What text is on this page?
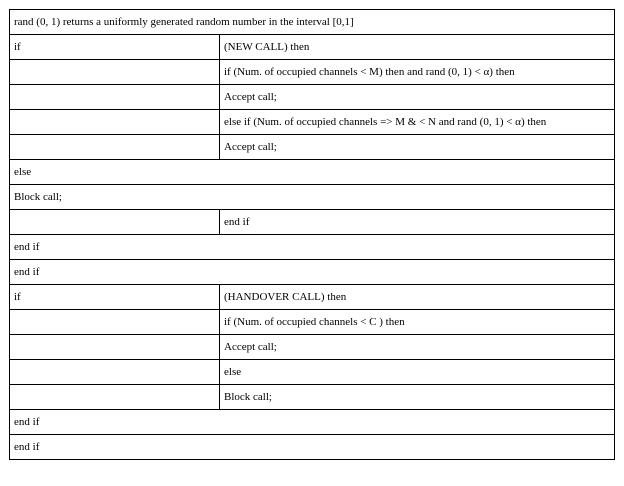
rand (0, 1) returns a uniformly generated random number in the interval [0,1]	
if	(NEW CALL) then
	if (Num. of occupied channels < M) then and rand (0, 1) < α) then
	Accept call;
	else if (Num. of occupied channels => M & < N and rand (0, 1) < α) then
	Accept call;
else	
Block call;	
	end if
end if	
end if	
if	(HANDOVER CALL) then
	if (Num. of occupied channels < C ) then
	Accept call;
	else
	Block call;
end if	
end if	
